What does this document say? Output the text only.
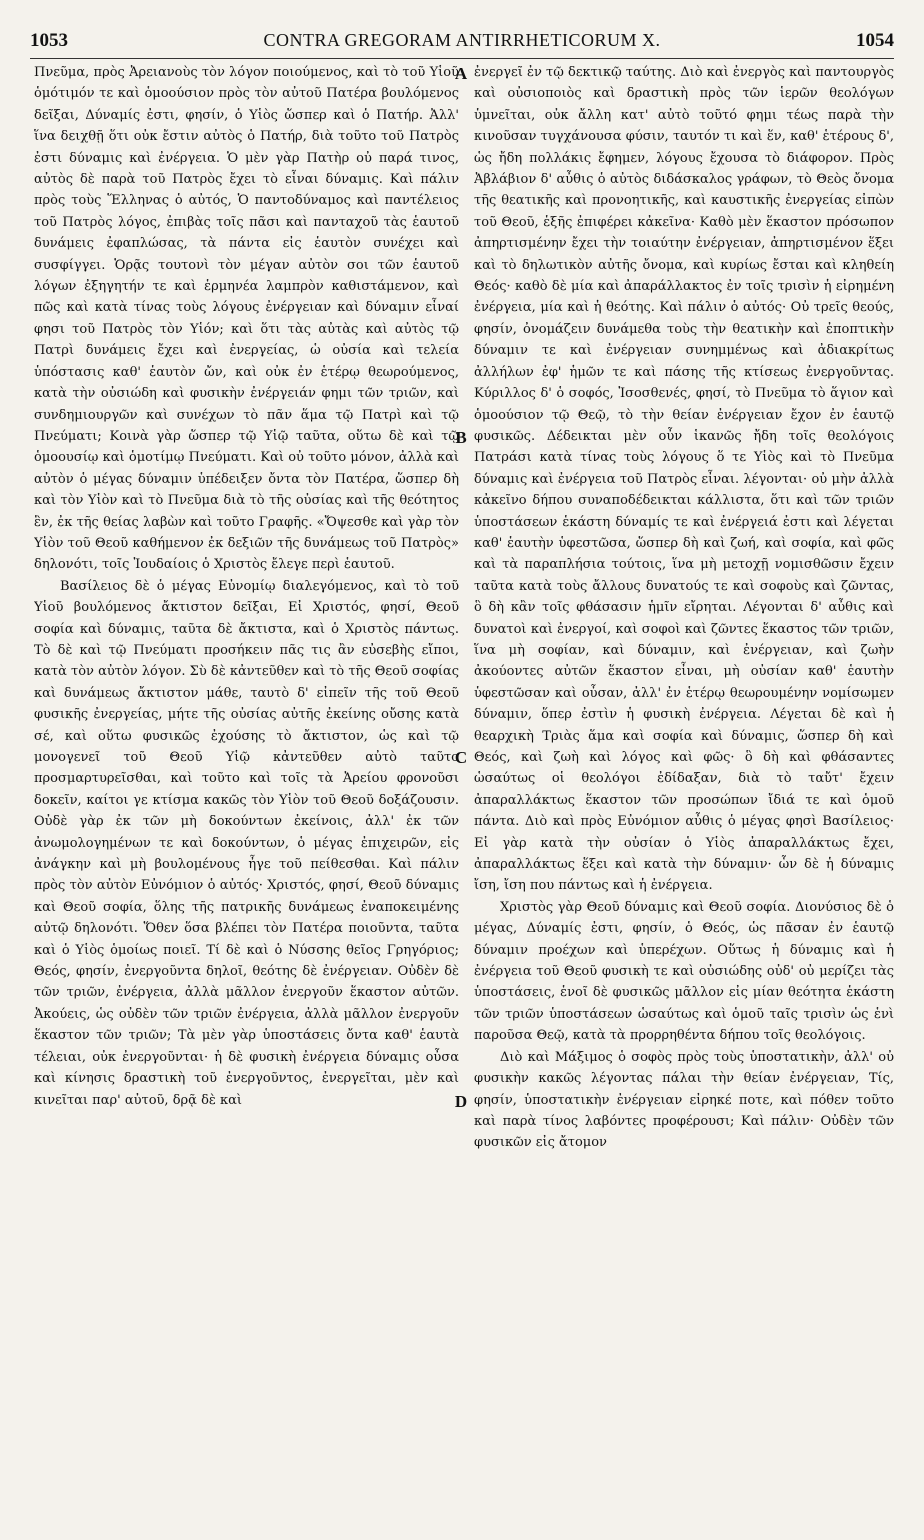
1053	CONTRA GREGORAM ANTIRRHETICORUM X.	1054

Πνεῦμα, πρὸς Ἀρειανοὺς τὸν λόγον ποιούμενος, καὶ τὸ τοῦ Υἱοῦ ὁμότιμόν τε καὶ ὁμοούσιον πρὸς τὸν αὐτοῦ Πατέρα βουλόμενος δεῖξαι, Δύναμίς ἐστι, φησίν, ὁ Υἱὸς ὥσπερ καὶ ὁ Πατήρ. Ἀλλ' ἵνα δειχθῇ ὅτι οὐκ ἔστιν αὐτὸς ὁ Πατήρ, διὰ τοῦτο τοῦ Πατρὸς ἐστι δύναμις καὶ ἐνέργεια. Ὁ μὲν γὰρ Πατὴρ οὐ παρά τινος, αὐτὸς δὲ παρὰ τοῦ Πατρὸς ἔχει τὸ εἶναι δύναμις. Καὶ πάλιν πρὸς τοὺς Ἕλληνας ὁ αὐτός, Ὁ παντοδύναμος καὶ παντέλειος τοῦ Πατρὸς λόγος, ἐπιβὰς τοῖς πᾶσι καὶ πανταχοῦ τὰς ἑαυτοῦ δυνάμεις ἐφαπλώσας, τὰ πάντα εἰς ἑαυτὸν συνέχει καὶ συσφίγγει. Ὁρᾷς τουτονὶ τὸν μέγαν αὐτὸν σοι τῶν ἑαυτοῦ λόγων ἐξηγητήν τε καὶ ἑρμηνέα λαμπρὸν καθιστάμενον, καὶ πῶς καὶ κατὰ τίνας τοὺς λόγους ἐνέργειαν καὶ δύναμιν εἶναί φησι τοῦ Πατρὸς τὸν Υἱόν; καὶ ὅτι τὰς αὐτὰς καὶ αὐτὸς τῷ Πατρὶ δυνάμεις ἔχει καὶ ἐνεργείας, ὡ οὐσία καὶ τελεία ὑπόστασις καθ' ἑαυτὸν ὤν, καὶ οὐκ ἐν ἑτέρῳ θεωρούμενος, κατὰ τὴν οὐσιώδη καὶ φυσικὴν ἐνέργειάν φημι τῶν τριῶν, καὶ συνδημιουργῶν καὶ συνέχων τὸ πᾶν ἅμα τῷ Πατρὶ καὶ τῷ Πνεύματι; Κοινὰ γὰρ ὥσπερ τῷ Υἱῷ ταῦτα, οὕτω δὲ καὶ τῷ ὁμοουσίῳ καὶ ὁμοτίμῳ Πνεύματι. Καὶ οὐ τοῦτο μόνον, ἀλλὰ καὶ αὐτὸν ὁ μέγας δύναμιν ὑπέδειξεν ὄντα τὸν Πατέρα, ὥσπερ δὴ καὶ τὸν Υἱὸν καὶ τὸ Πνεῦμα διὰ τὸ τῆς οὐσίας καὶ τῆς θεότητος ἓν, ἐκ τῆς θείας λαβὼν καὶ τοῦτο Γραφῆς. «Ὄψεσθε καὶ γὰρ τὸν Υἱὸν τοῦ Θεοῦ καθήμενον ἐκ δεξιῶν τῆς δυνάμεως τοῦ Πατρὸς» δηλονότι, τοῖς Ἰουδαίοις ὁ Χριστὸς ἔλεγε περὶ ἑαυτοῦ.

Βασίλειος δὲ ὁ μέγας Εὐνομίῳ διαλεγόμενος, καὶ τὸ τοῦ Υἱοῦ βουλόμενος ἄκτιστον δεῖξαι, Εἰ Χριστός, φησί, Θεοῦ σοφία καὶ δύναμις, ταῦτα δὲ ἄκτιστα, καὶ ὁ Χριστὸς πάντως. Τὸ δὲ καὶ τῷ Πνεύματι προσήκειν πᾶς τις ἂν εὐσεβὴς εἴποι, κατὰ τὸν αὐτὸν λόγον. Σὺ δὲ κἀντεῦθεν καὶ τὸ τῆς Θεοῦ σοφίας καὶ δυνάμεως ἄκτιστον μάθε, ταυτὸ δ' εἰπεῖν τῆς τοῦ Θεοῦ φυσικῆς ἐνεργείας, μήτε τῆς οὐσίας αὐτῆς ἐκείνης οὔσης κατὰ σέ, καὶ οὕτω φυσικῶς ἐχούσης τὸ ἄκτιστον, ὡς καὶ τῷ μονογενεῖ τοῦ Θεοῦ Υἱῷ κἀντεῦθεν αὐτὸ ταῦτο προσμαρτυρεῖσθαι, καὶ τοῦτο καὶ τοῖς τὰ Ἀρείου φρονοῦσι δοκεῖν, καίτοι γε κτίσμα κακῶς τὸν Υἱὸν τοῦ Θεοῦ δοξάζουσιν. Οὐδὲ γὰρ ἐκ τῶν μὴ δοκούντων ἐκείνοις, ἀλλ' ἐκ τῶν ἀνωμολογημένων τε καὶ δοκούντων, ὁ μέγας ἐπιχειρῶν, εἰς ἀνάγκην καὶ μὴ βουλομένους ἦγε τοῦ πείθεσθαι. Καὶ πάλιν πρὸς τὸν αὐτὸν Εὐνόμιον ὁ αὐτός· Χριστός, φησί, Θεοῦ δύναμις καὶ Θεοῦ σοφία, ὅλης τῆς πατρικῆς δυνάμεως ἐναποκειμένης αὐτῷ δηλονότι. Ὅθεν ὅσα βλέπει τὸν Πατέρα ποιοῦντα, ταῦτα καὶ ὁ Υἱὸς ὁμοίως ποιεῖ. Τί δὲ καὶ ὁ Νύσσης θεῖος Γρηγόριος; Θεός, φησίν, ἐνεργοῦντα δηλοῖ, θεότης δὲ ἐνέργειαν. Οὐδὲν δὲ τῶν τριῶν, ἐνέργεια, ἀλλὰ μᾶλλον ἐνεργοῦν ἕκαστον αὐτῶν. Ἀκούεις, ὡς οὐδὲν τῶν τριῶν ἐνέργεια, ἀλλὰ μᾶλλον ἐνεργοῦν ἕκαστον τῶν τριῶν; Τὰ μὲν γὰρ ὑποστάσεις ὄντα καθ' ἑαυτὰ τέλειαι, οὐκ ἐνεργοῦνται· ἡ δὲ φυσικὴ ἐνέργεια δύναμις οὖσα καὶ κίνησις δραστικὴ τοῦ ἐνεργοῦντος, ἐνεργεῖται, μὲν καὶ κινεῖται παρ' αὐτοῦ, δρᾷ δὲ καὶ

A
B
C
D

ἐνεργεῖ ἐν τῷ δεκτικῷ ταύτης. Διὸ καὶ ἐνεργὸς καὶ παντουργὸς καὶ οὐσιοποιὸς καὶ δραστικὴ πρὸς τῶν ἱερῶν θεολόγων ὑμνεῖται, οὐκ ἄλλη κατ' αὐτὸ τοῦτό φημι τέως παρὰ τὴν κινοῦσαν τυγχάνουσα φύσιν, ταυτόν τι καὶ ἕν, καθ' ἑτέρους δ', ὡς ἤδη πολλάκις ἔφημεν, λόγους ἔχουσα τὸ διάφορον. Πρὸς Ἀβλάβιον δ' αὖθις ὁ αὐτὸς διδάσκαλος γράφων, τὸ Θεὸς ὄνομα τῆς θεατικῆς καὶ προνοητικῆς, καὶ καυστικῆς ἐνεργείας εἰπὼν τοῦ Θεοῦ, ἑξῆς ἐπιφέρει κἀκεῖνα· Καθὸ μὲν ἕκαστον πρόσωπον ἀπηρτισμένην ἔχει τὴν τοιαύτην ἐνέργειαν, ἀπηρτισμένον ἕξει καὶ τὸ δηλωτικὸν αὐτῆς ὄνομα, καὶ κυρίως ἔσται καὶ κληθείη Θεός· καθὸ δὲ μία καὶ ἀπαράλλακτος ἐν τοῖς τρισὶν ἡ εἰρημένη ἐνέργεια, μία καὶ ἡ θεότης. Καὶ πάλιν ὁ αὐτός· Οὐ τρεῖς θεούς, φησίν, ὀνομάζειν δυνάμεθα τοὺς τὴν θεατικὴν καὶ ἐποπτικὴν δύναμιν τε καὶ ἐνέργειαν συνημμένως καὶ ἀδιακρίτως ἀλλήλων ἐφ' ἡμῶν τε καὶ πάσης τῆς κτίσεως ἐνεργοῦντας. Κύριλλος δ' ὁ σοφός, Ἰσοσθενές, φησί, τὸ Πνεῦμα τὸ ἅγιον καὶ ὁμοούσιον τῷ Θεῷ, τὸ τὴν θείαν ἐνέργειαν ἔχον ἐν ἑαυτῷ φυσικῶς. Δέδεικται μὲν οὖν ἱκανῶς ἤδη τοῖς θεολόγοις Πατράσι κατὰ τίνας τοὺς λόγους ὅ τε Υἱὸς καὶ τὸ Πνεῦμα δύναμις καὶ ἐνέργεια τοῦ Πατρὸς εἶναι. λέγονται· οὐ μὴν ἀλλὰ κἀκεῖνο δήπου συναποδέδεικται κάλλιστα, ὅτι καὶ τῶν τριῶν ὑποστάσεων ἑκάστη δύναμίς τε καὶ ἐνέργειά ἐστι καὶ λέγεται καθ' ἑαυτὴν ὑφεστῶσα, ὥσπερ δὴ καὶ ζωή, καὶ σοφία, καὶ φῶς καὶ τὰ παραπλήσια τούτοις, ἵνα μὴ μετοχῇ νομισθῶσιν ἔχειν ταῦτα κατὰ τοὺς ἄλλους δυνατούς τε καὶ σοφοὺς καὶ ζῶντας, ὃ δὴ κἂν τοῖς φθάσασιν ἡμῖν εἴρηται. Λέγονται δ' αὖθις καὶ δυνατοὶ καὶ ἐνεργοί, καὶ σοφοὶ καὶ ζῶντες ἕκαστος τῶν τριῶν, ἵνα μὴ σοφίαν, καὶ δύναμιν, καὶ ἐνέργειαν, καὶ ζωὴν ἀκούοντες αὐτῶν ἕκαστον εἶναι, μὴ οὐσίαν καθ' ἑαυτὴν ὑφεστῶσαν καὶ οὖσαν, ἀλλ' ἐν ἑτέρῳ θεωρουμένην νομίσωμεν δύναμιν, ὅπερ ἐστὶν ἡ φυσικὴ ἐνέργεια. Λέγεται δὲ καὶ ἡ θεαρχικὴ Τριὰς ἅμα καὶ σοφία καὶ δύναμις, ὥσπερ δὴ καὶ Θεός, καὶ ζωὴ καὶ λόγος καὶ φῶς· ὃ δὴ καὶ φθάσαντες ὡσαύτως οἱ θεολόγοι ἐδίδαξαν, διὰ τὸ ταὔτ' ἔχειν ἀπαραλλάκτως ἕκαστον τῶν προσώπων ἴδιά τε καὶ ὁμοῦ πάντα. Διὸ καὶ πρὸς Εὐνόμιον αὖθις ὁ μέγας φησὶ Βασίλειος· Εἰ γὰρ κατὰ τὴν οὐσίαν ὁ Υἱὸς ἀπαραλλάκτως ἔχει, ἀπαραλλάκτως ἕξει καὶ κατὰ τὴν δύναμιν· ὧν δὲ ἡ δύναμις ἴση, ἴση που πάντως καὶ ἡ ἐνέργεια.

Χριστὸς γὰρ Θεοῦ δύναμις καὶ Θεοῦ σοφία. Διονύσιος δὲ ὁ μέγας, Δύναμίς ἐστι, φησίν, ὁ Θεός, ὡς πᾶσαν ἐν ἑαυτῷ δύναμιν προέχων καὶ ὑπερέχων. Οὕτως ἡ δύναμις καὶ ἡ ἐνέργεια τοῦ Θεοῦ φυσικὴ τε καὶ οὐσιώδης οὐδ' οὐ μερίζει τὰς ὑποστάσεις, ἑνοῖ δὲ φυσικῶς μᾶλλον εἰς μίαν θεότητα ἑκάστη τῶν τριῶν ὑποστάσεων ὡσαύτως καὶ ὁμοῦ ταῖς τρισὶν ὡς ἑνὶ παροῦσα Θεῷ, κατὰ τὰ προρρηθέντα δήπου τοῖς θεολόγοις.

Διὸ καὶ Μάξιμος ὁ σοφὸς πρὸς τοὺς ὑποστατικὴν, ἀλλ' οὐ φυσικὴν κακῶς λέγοντας πάλαι τὴν θείαν ἐνέργειαν, Τίς, φησίν, ὑποστατικὴν ἐνέργειαν εἰρηκέ ποτε, καὶ πόθεν τοῦτο καὶ παρὰ τίνος λαβόντες προφέρουσι; Καὶ πάλιν· Οὐδὲν τῶν φυσικῶν εἰς ἄτομον
